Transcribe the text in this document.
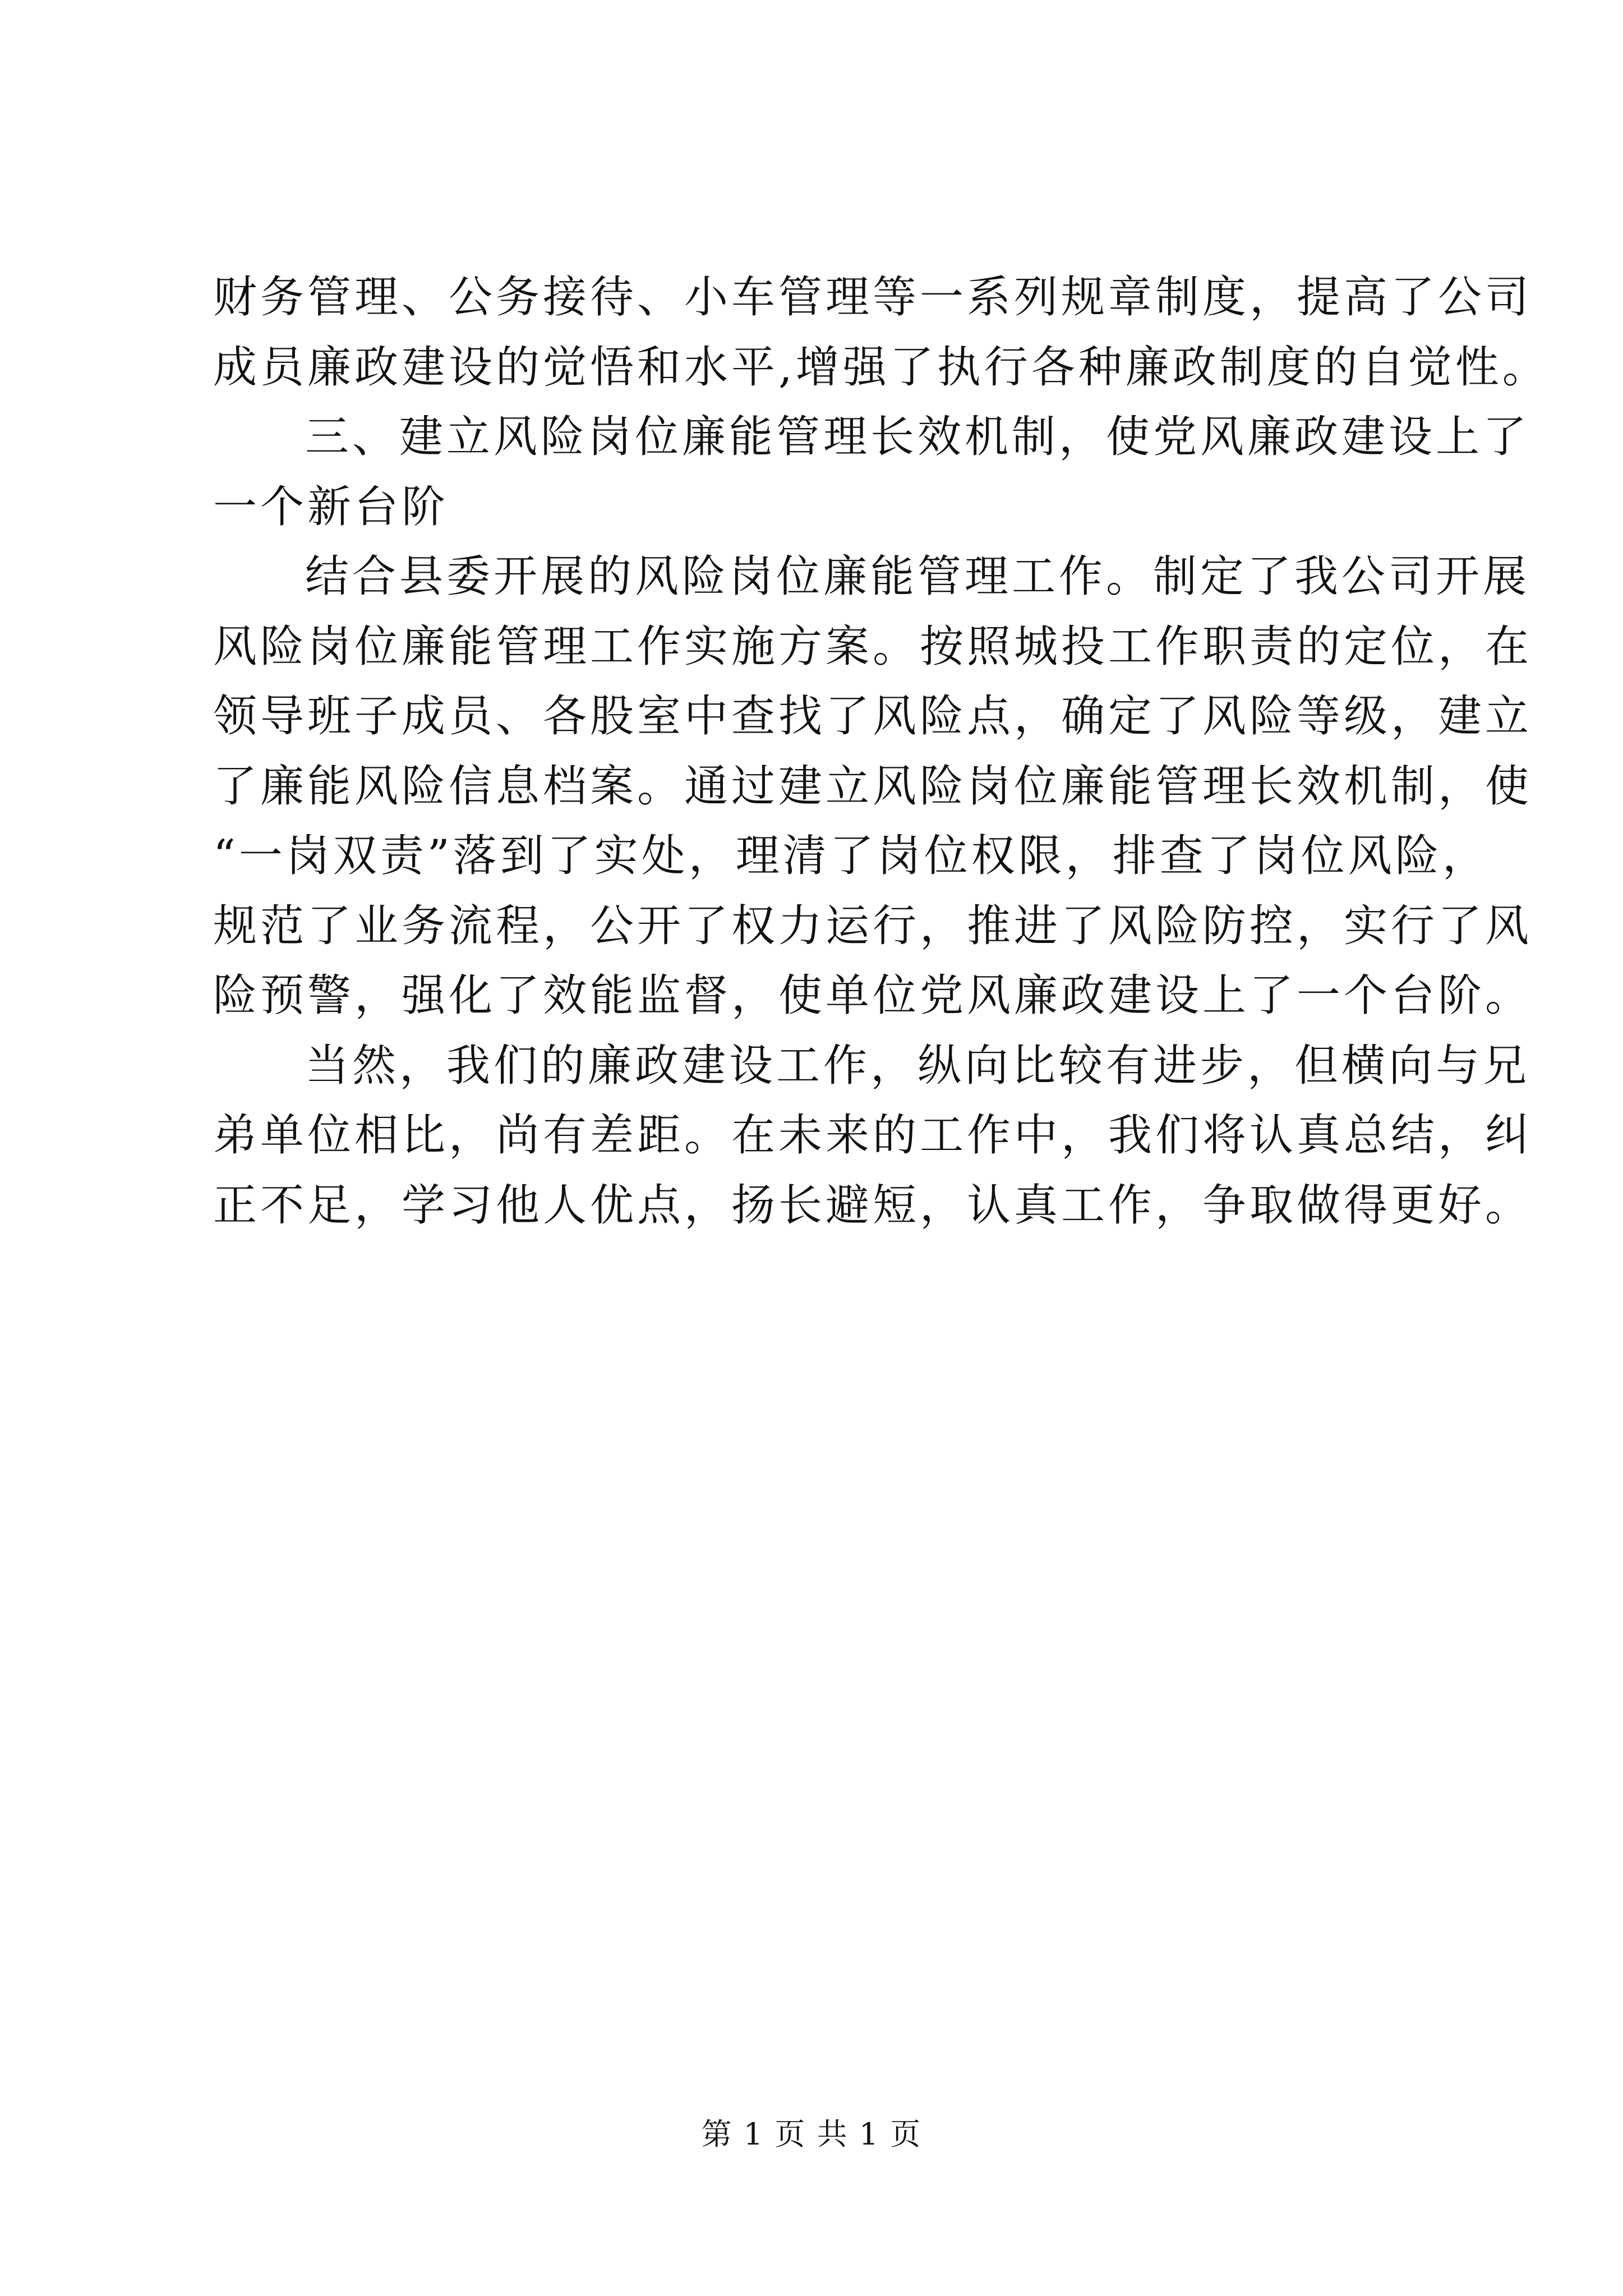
财务管理、公务接待、小车管理等一系列规章制度，提高了公司
成员廉政建设的觉悟和水平,增强了执行各种廉政制度的自觉性。
三、建立风险岗位廉能管理长效机制，使党风廉政建设上了
一个新台阶
结合县委开展的风险岗位廉能管理工作。制定了我公司开展
风险岗位廉能管理工作实施方案。按照城投工作职责的定位，在
领导班子成员、各股室中查找了风险点，确定了风险等级，建立
了廉能风险信息档案。通过建立风险岗位廉能管理长效机制，使
“一岗双责”落到了实处，理清了岗位权限，排查了岗位风险，
规范了业务流程，公开了权力运行，推进了风险防控，实行了风
险预警，强化了效能监督，使单位党风廉政建设上了一个台阶。
当然，我们的廉政建设工作，纵向比较有进步，但横向与兄
弟单位相比，尚有差距。在未来的工作中，我们将认真总结，纠
正不足，学习他人优点，扬长避短，认真工作，争取做得更好。
第 1 页 共 1 页
